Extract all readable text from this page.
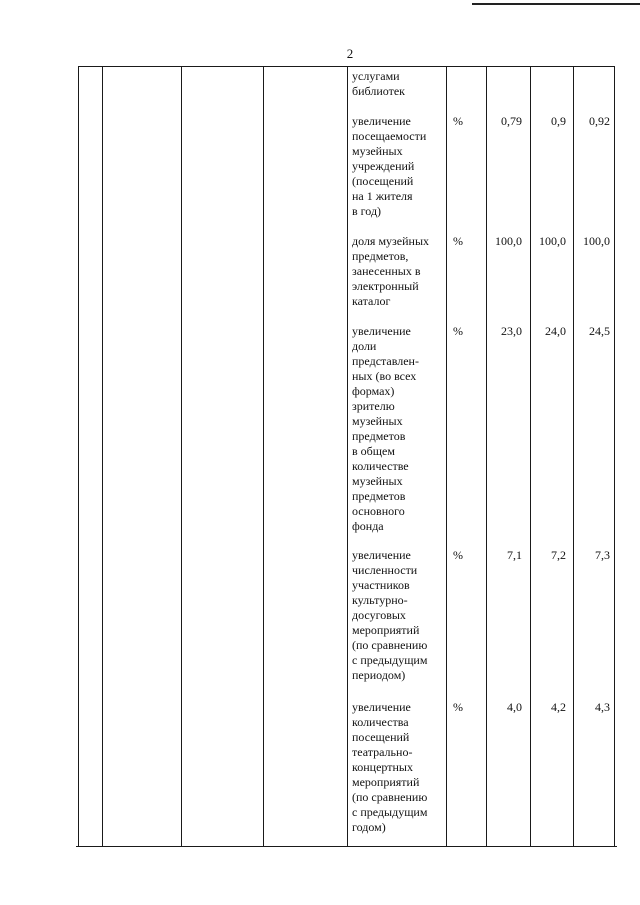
2
услугами
библиотек
увеличение
посещаемости
музейных
учреждений
(посещений
на 1 жителя
в год)
%	0,79	0,9	0,92
доля музейных
предметов,
занесенных в
электронный
каталог
%	100,0	100,0	100,0
увеличение
доли
представлен-
ных (во всех
формах)
зрителю
музейных
предметов
в общем
количестве
музейных
предметов
основного
фонда
%	23,0	24,0	24,5
увеличение
численности
участников
культурно-
досуговых
мероприятий
(по сравнению
с предыдущим
периодом)
%	7,1	7,2	7,3
увеличение
количества
посещений
театрально-
концертных
мероприятий
(по сравнению
с предыдущим
годом)
%	4,0	4,2	4,3
